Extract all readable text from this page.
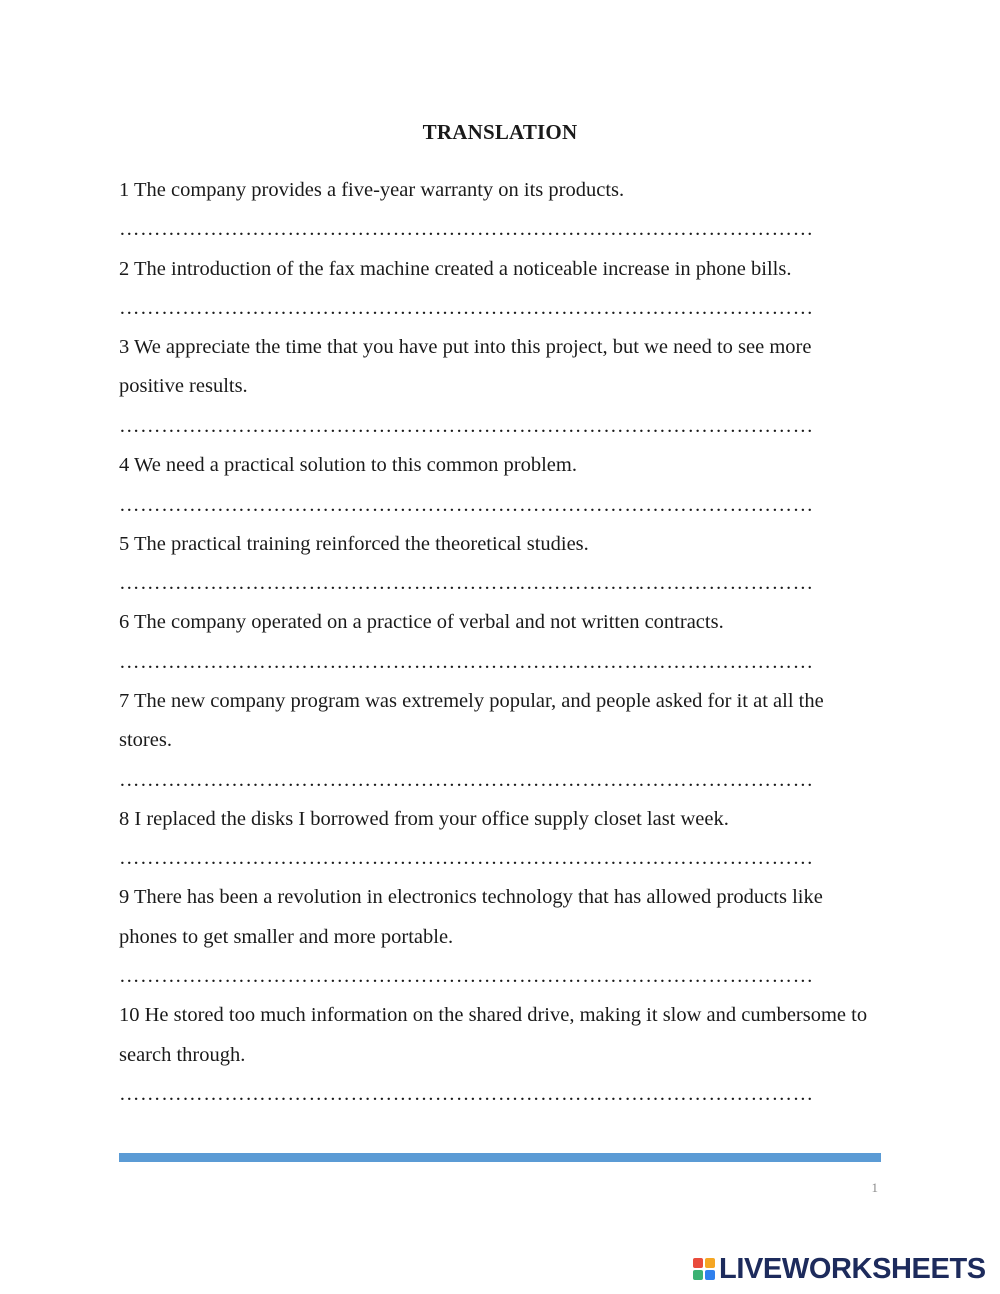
TRANSLATION
1 The company provides a five-year warranty on its products.
………………………………………………………………………………………
2 The introduction of the fax machine created a noticeable increase in phone bills.
………………………………………………………………………………………
3 We appreciate the time that you have put into this project, but we need to see more positive results.
………………………………………………………………………………………
4 We need a practical solution to this common problem.
………………………………………………………………………………………
5 The practical training reinforced the theoretical studies.
………………………………………………………………………………………
6 The company operated on a practice of verbal and not written contracts.
………………………………………………………………………………………
7 The new company program was extremely popular, and people asked for it at all the stores.
………………………………………………………………………………………
8 I replaced the disks I borrowed from your office supply closet last week.
………………………………………………………………………………………
9 There has been a revolution in electronics technology that has allowed products like phones to get smaller and more portable.
………………………………………………………………………………………
10 He stored too much information on the shared drive, making it slow and cumbersome to search through.
………………………………………………………………………………………
1
LIVEWORKSHEETS
